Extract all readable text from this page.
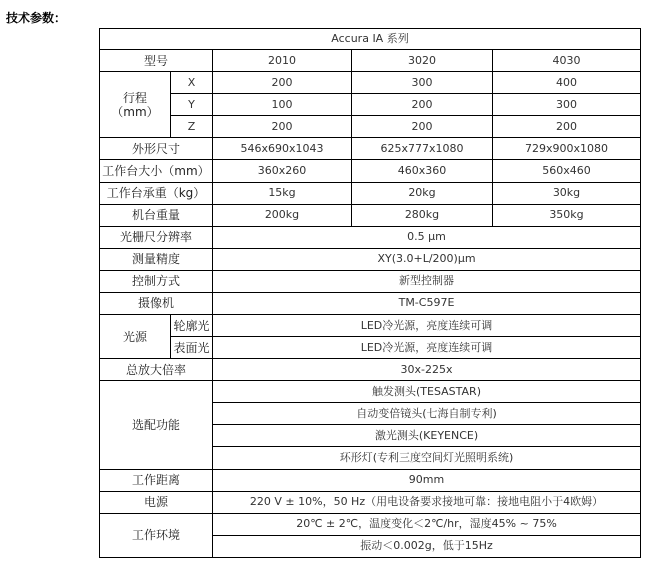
技术参数：
Accura IA 系列				
型号		2010	3020	4030

行程
（mm）	X	200	300	400
	Y	100	200	300
	Z	200	200	200
外形尺寸		546x690x1043	625x777x1080	729x900x1080
工作台大小（mm）		360x260	460x360	560x460
工作台承重（kg）		15kg	20kg	30kg
机台重量		200kg	280kg	350kg
光栅尺分辨率		0.5 μm		
测量精度		XY(3.0+L/200)μm		
控制方式		新型控制器		
摄像机		TM-C597E		
光源	轮廓光	LED冷光源，亮度连续可调		
	表面光	LED冷光源，亮度连续可调		
总放大倍率		30x-225x		
选配功能		触发测头(TESASTAR)		
		自动变倍镜头(七海自制专利)		
		激光测头(KEYENCE)		
		环形灯(专利三度空间灯光照明系统)		
工作距离		90mm		
电源		220 V ± 10%，50 Hz（用电设备要求接地可靠：接地电阻小于4欧姆）		
工作环境		20℃ ± 2℃，温度变化＜2℃/hr，湿度45% ~ 75%		
		振动＜0.002g，低于15Hz		
